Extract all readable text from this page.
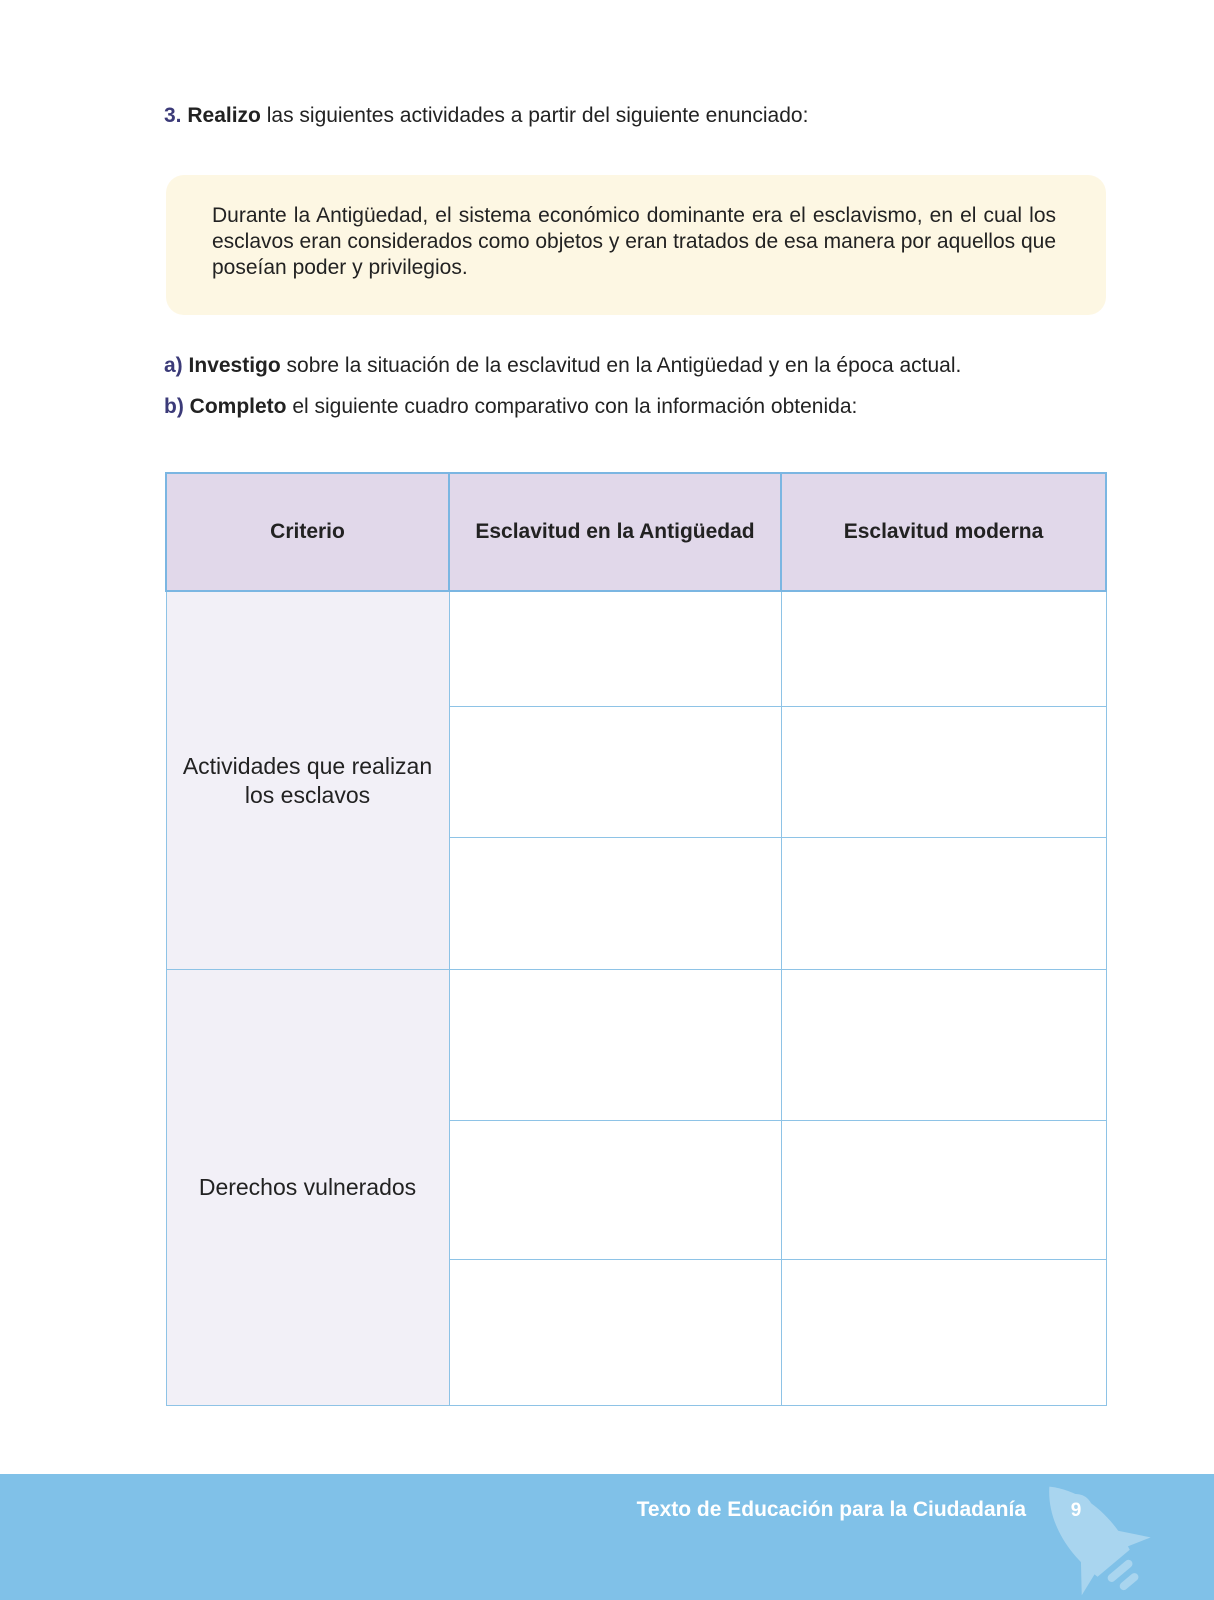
3. Realizo las siguientes actividades a partir del siguiente enunciado:

Durante la Antigüedad, el sistema económico dominante era el esclavismo, en el cual los esclavos eran considerados como objetos y eran tratados de esa manera por aquellos que poseían poder y privilegios.

a) Investigo sobre la situación de la esclavitud en la Antigüedad y en la época actual.
b) Completo el siguiente cuadro comparativo con la información obtenida:
Criterio	Esclavitud en la Antigüedad	Esclavitud moderna
Actividades que realizan los esclavos		

Derechos vulnerados		

Texto de Educación para la Ciudadanía	9
